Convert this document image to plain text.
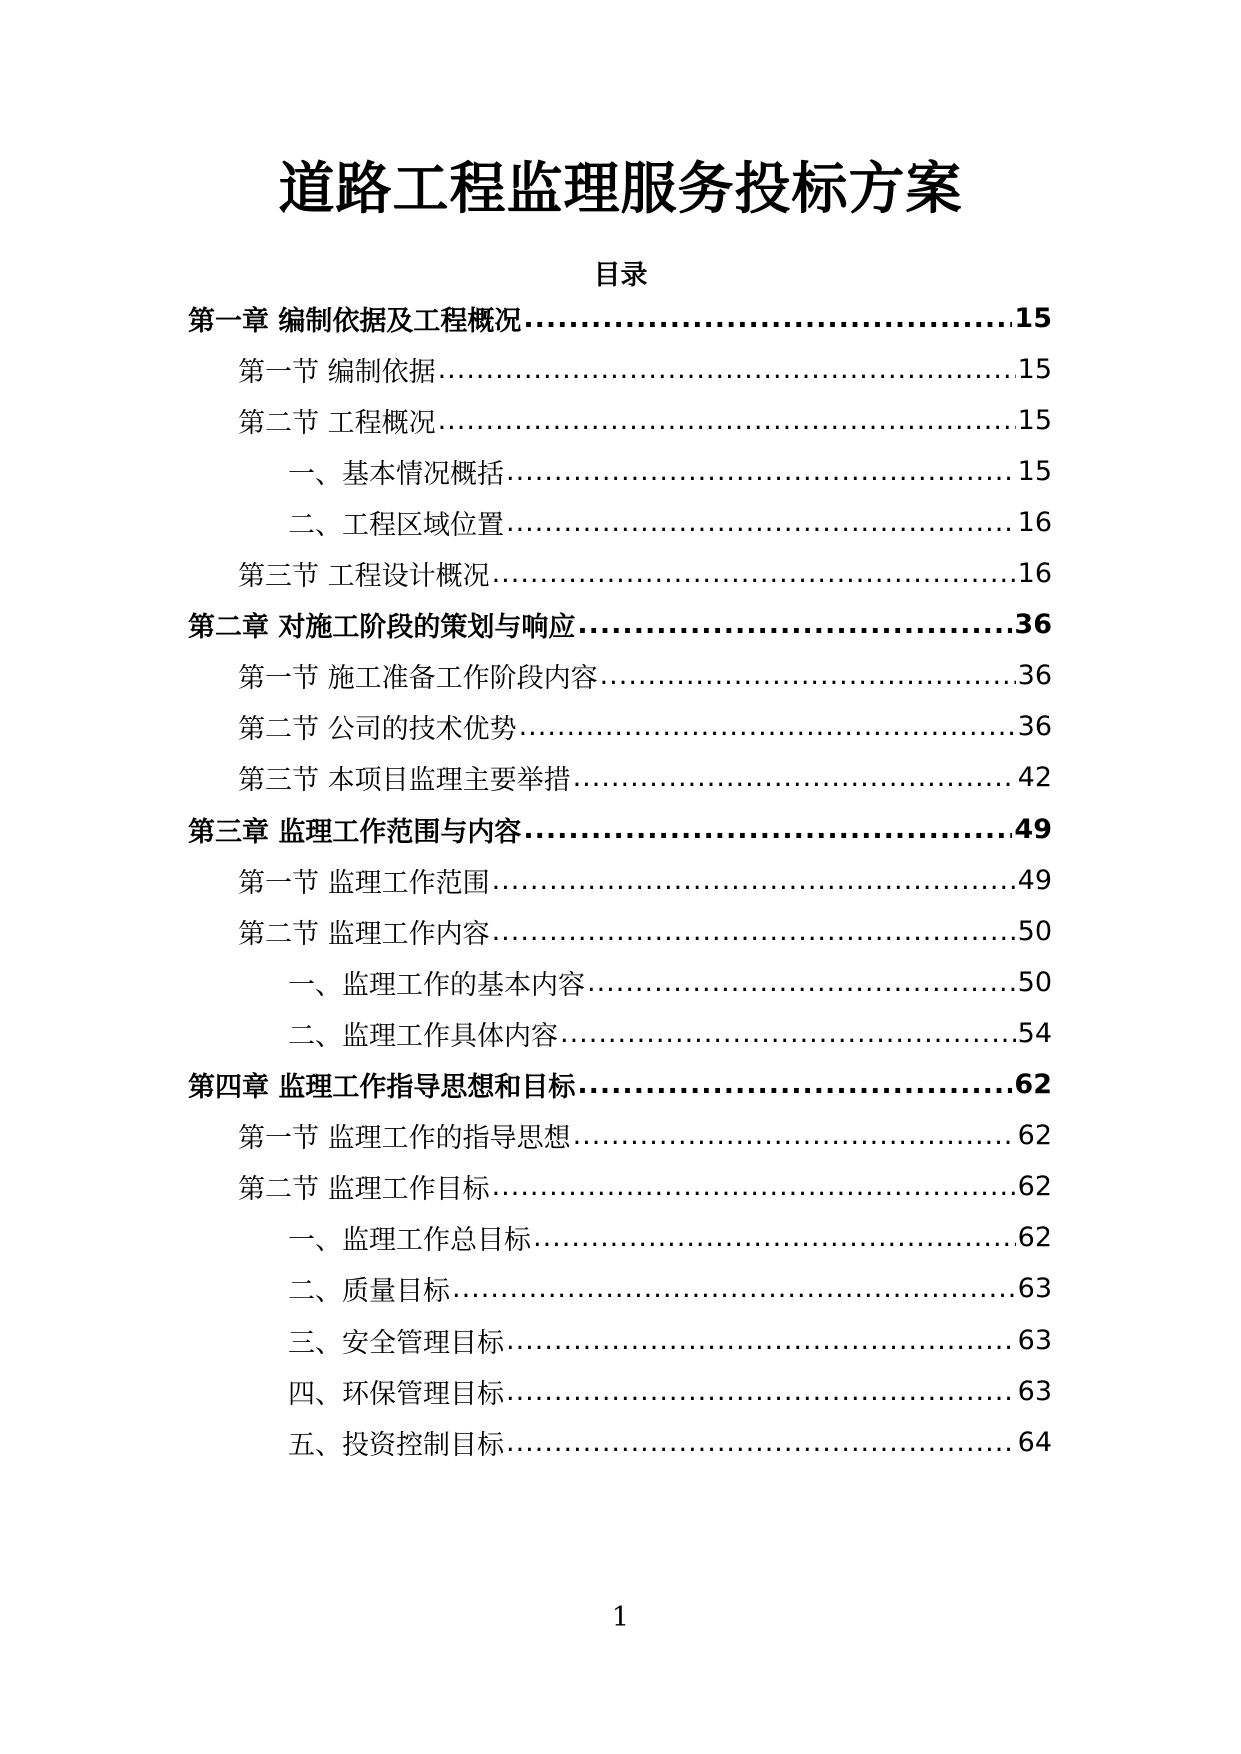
道路工程监理服务投标方案
目录
第一章 编制依据及工程概况 .....	15
第一节 编制依据 .....	15
第二节 工程概况 .....	15
一、基本情况概括 .....	15
二、工程区域位置 .....	16
第三节 工程设计概况 .....	16
第二章 对施工阶段的策划与响应 .....	36
第一节 施工准备工作阶段内容 .....	36
第二节 公司的技术优势 .....	36
第三节 本项目监理主要举措 .....	42
第三章 监理工作范围与内容 .....	49
第一节 监理工作范围 .....	49
第二节 监理工作内容 .....	50
一、监理工作的基本内容 .....	50
二、监理工作具体内容 .....	54
第四章 监理工作指导思想和目标 .....	62
第一节 监理工作的指导思想 .....	62
第二节 监理工作目标 .....	62
一、监理工作总目标 .....	62
二、质量目标 .....	63
三、安全管理目标 .....	63
四、环保管理目标 .....	63
五、投资控制目标 .....	64
1
